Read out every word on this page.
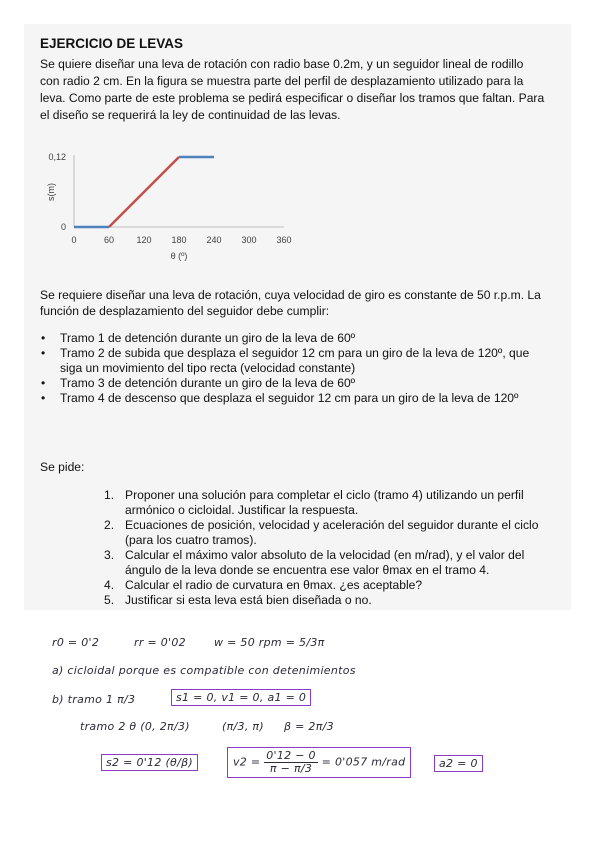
EJERCICIO DE LEVAS
Se quiere diseñar una leva de rotación con radio base 0.2m, y un seguidor lineal de rodillo con radio 2 cm. En la figura se muestra parte del perfil de desplazamiento utilizado para la leva. Como parte de este problema se pedirá especificar o diseñar los tramos que faltan. Para el diseño se requerirá la ley de continuidad de las levas.
0	60 120 180 240 300 360
0
0,12
s(m)
θ (º)
Se requiere diseñar una leva de rotación, cuya velocidad de giro es constante de 50 r.p.m. La función de desplazamiento del seguidor debe cumplir:
• Tramo 1 de detención durante un giro de la leva de 60º
• Tramo 2 de subida que desplaza el seguidor 12 cm para un giro de la leva de 120º, que siga un movimiento del tipo recta (velocidad constante)
• Tramo 3 de detención durante un giro de la leva de 60º
• Tramo 4 de descenso que desplaza el seguidor 12 cm para un giro de la leva de 120º
Se pide:
1. Proponer una solución para completar el ciclo (tramo 4) utilizando un perfil armónico o cicloidal. Justificar la respuesta.
2. Ecuaciones de posición, velocidad y aceleración del seguidor durante el ciclo (para los cuatro tramos).
3. Calcular el máximo valor absoluto de la velocidad (en m/rad), y el valor del ángulo de la leva donde se encuentra ese valor θmax en el tramo 4.
4. Calcular el radio de curvatura en θmax. ¿es aceptable?
5. Justificar si esta leva está bien diseñada o no.
r0 = 0'2	rr = 0'02	w = 50 rpm = 5/3π
a) cicloidal porque es compatible con detenimientos
b) tramo 1 π/3	s1 = 0, v1 = 0, a1 = 0
tramo 2 θ (0, 2π/3)	(π/3, π) β = 2π/3
s2 = 0'12 (θ/β)	$v2 = \frac{0'12 - 0}{\pi - \pi/3} = 0'057$ m/rad	a2 = 0
